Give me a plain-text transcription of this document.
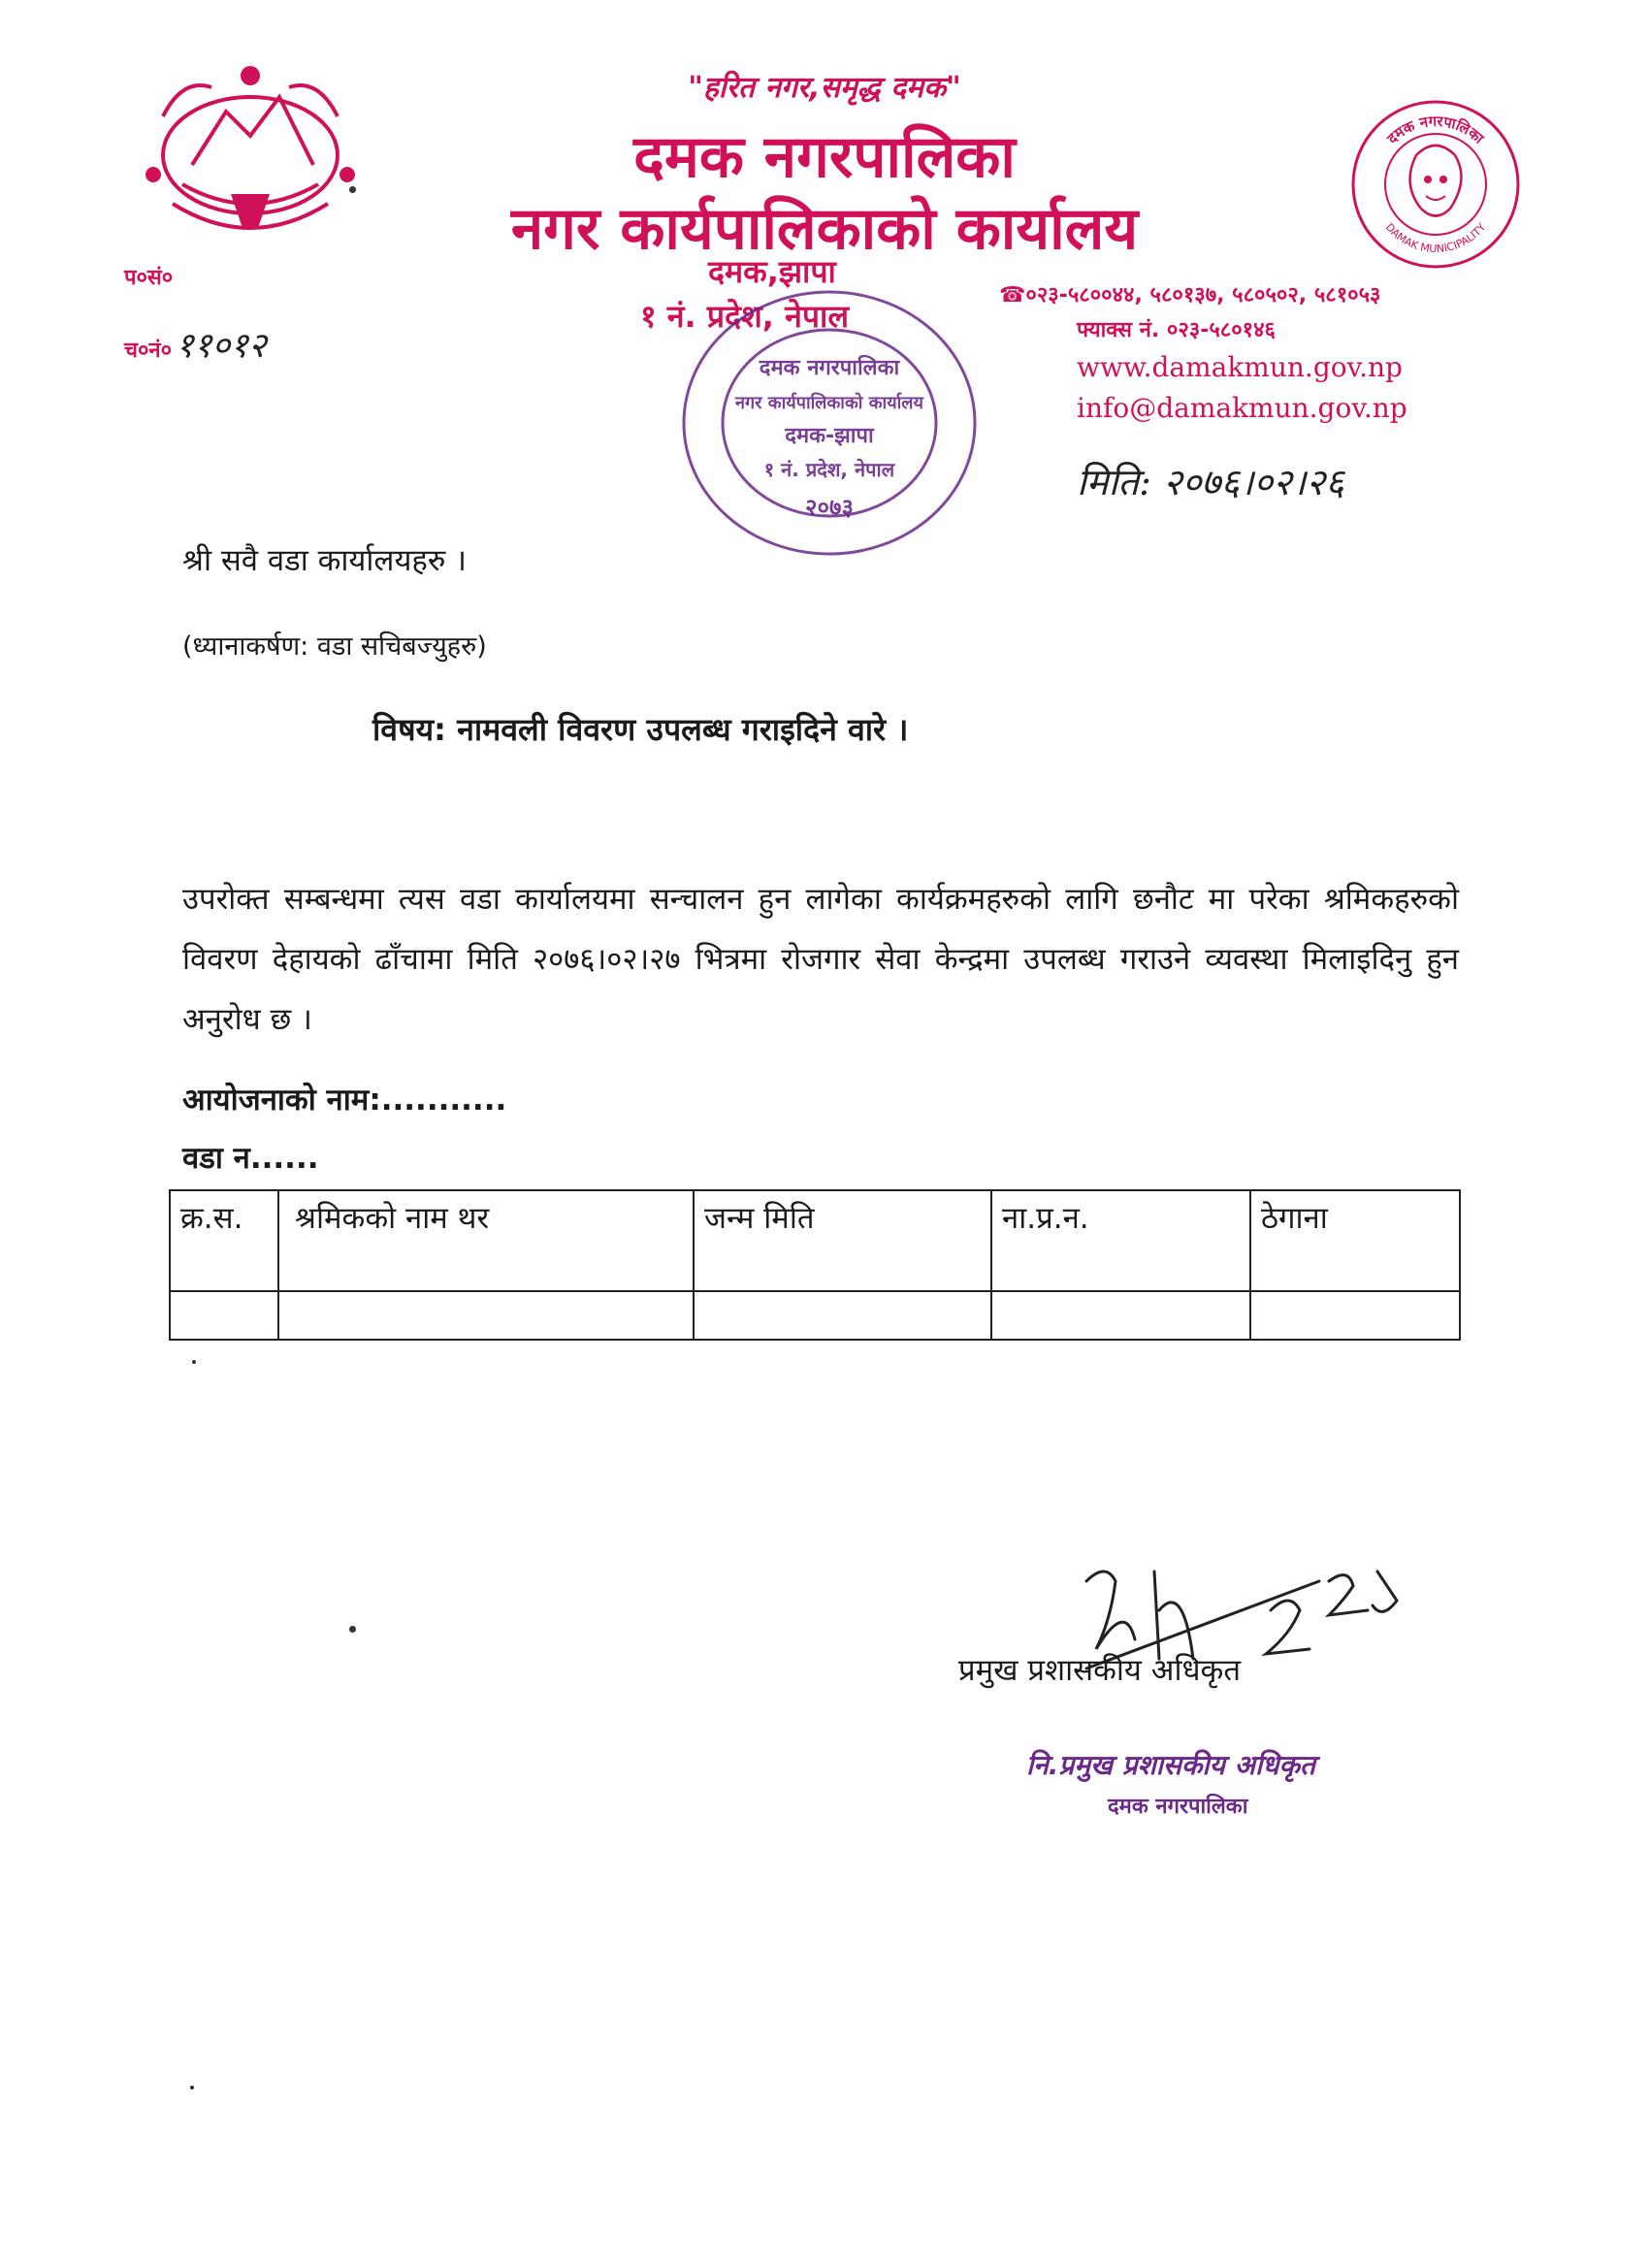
"हरित नगर,समृद्ध दमक"
दमक नगरपालिका
नगर कार्यपालिकाको कार्यालय
दमक,झापा
१ नं. प्रदेश, नेपाल
दमक नगरपालिका
DAMAK MUNICIPALITY
प०सं०
च०नं० ११०१२
☎०२३-५८००४४, ५८०१३७, ५८०५०२, ५८१०५३
फ्याक्स नं. ०२३-५८०१४६
www.damakmun.gov.np
info@damakmun.gov.np
मिति: २०७६।०२।२६
दमक नगरपालिका
नगर कार्यपालिकाको कार्यालय
दमक-झापा
१ नं. प्रदेश, नेपाल
२०७३
श्री सवै वडा कार्यालयहरु ।
(ध्यानाकर्षण: वडा सचिबज्युहरु)
विषय: नामवली विवरण उपलब्ध गराइदिने वारे ।
उपरोक्त सम्बन्धमा त्यस वडा कार्यालयमा सन्चालन हुन लागेका कार्यक्रमहरुको लागि छनौट मा परेका श्रमिकहरुको विवरण देहायको ढाँचामा मिति २०७६।०२।२७ भित्रमा रोजगार सेवा केन्द्रमा उपलब्ध गराउने व्यवस्था मिलाइदिनु हुन अनुरोध छ ।
आयोजनाको नाम:...........
वडा न......
क्र.स.	श्रमिकको नाम थर	जन्म मिति	ना.प्र.न.	ठेगाना

प्रमुख प्रशासकीय अधिकृत
नि.प्रमुख प्रशासकीय अधिकृत
दमक नगरपालिका
